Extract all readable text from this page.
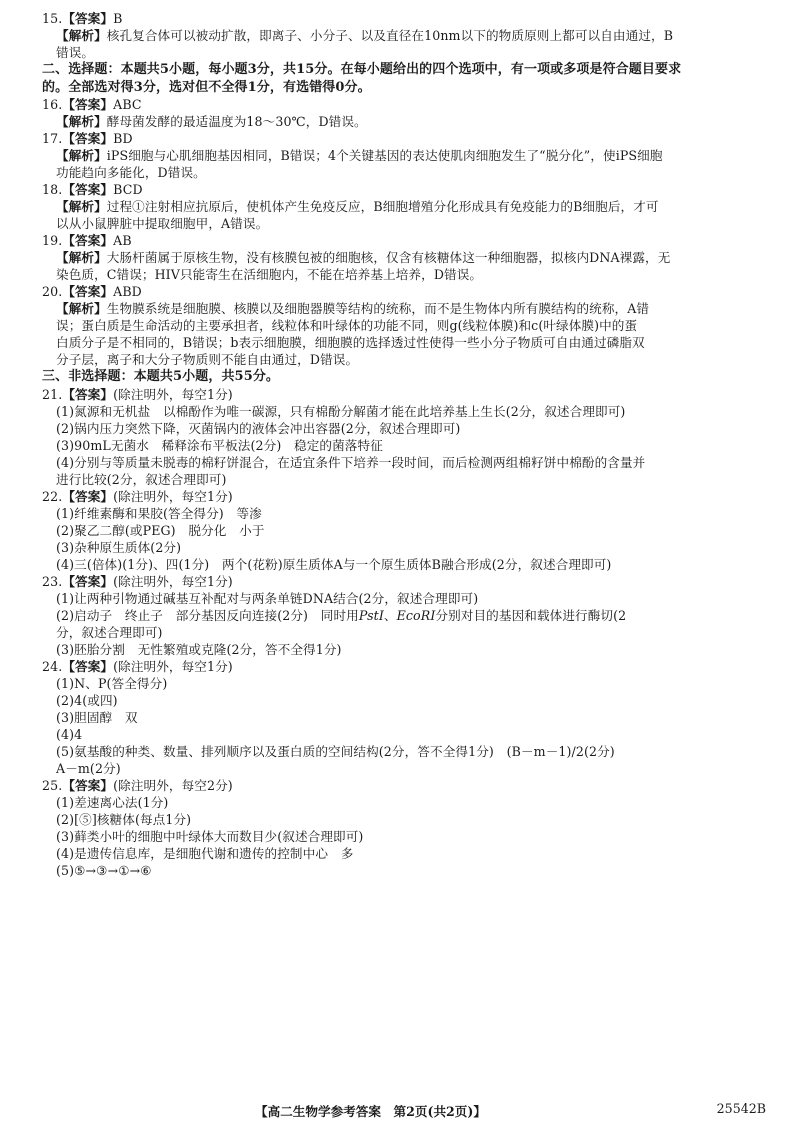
15.【答案】B
【解析】核孔复合体可以被动扩散，即离子、小分子、以及直径在10nm以下的物质原则上都可以自由通过，B
错误。
二、选择题：本题共5小题，每小题3分，共15分。在每小题给出的四个选项中，有一项或多项是符合题目要求
的。全部选对得3分，选对但不全得1分，有选错得0分。
16.【答案】ABC
【解析】酵母菌发酵的最适温度为18～30℃，D错误。
17.【答案】BD
【解析】iPS细胞与心肌细胞基因相同，B错误；4个关键基因的表达使肌肉细胞发生了“脱分化”，使iPS细胞
功能趋向多能化，D错误。
18.【答案】BCD
【解析】过程①注射相应抗原后，使机体产生免疫反应，B细胞增殖分化形成具有免疫能力的B细胞后，才可
以从小鼠脾脏中提取细胞甲，A错误。
19.【答案】AB
【解析】大肠杆菌属于原核生物，没有核膜包被的细胞核，仅含有核糖体这一种细胞器，拟核内DNA裸露，无
染色质，C错误；HIV只能寄生在活细胞内，不能在培养基上培养，D错误。
20.【答案】ABD
【解析】生物膜系统是细胞膜、核膜以及细胞器膜等结构的统称，而不是生物体内所有膜结构的统称，A错
误；蛋白质是生命活动的主要承担者，线粒体和叶绿体的功能不同，则g(线粒体膜)和c(叶绿体膜)中的蛋
白质分子是不相同的，B错误；b表示细胞膜，细胞膜的选择透过性使得一些小分子物质可自由通过磷脂双
分子层，离子和大分子物质则不能自由通过，D错误。
三、非选择题：本题共5小题，共55分。
21.【答案】(除注明外，每空1分)
(1)氮源和无机盐　以棉酚作为唯一碳源，只有棉酚分解菌才能在此培养基上生长(2分，叙述合理即可)
(2)锅内压力突然下降，灭菌锅内的液体会冲出容器(2分，叙述合理即可)
(3)90mL无菌水　稀释涂布平板法(2分)　稳定的菌落特征
(4)分别与等质量未脱毒的棉籽饼混合，在适宜条件下培养一段时间，而后检测两组棉籽饼中棉酚的含量并
进行比较(2分，叙述合理即可)
22.【答案】(除注明外，每空1分)
(1)纤维素酶和果胶(答全得分)　等渗
(2)聚乙二醇(或PEG)　脱分化　小于
(3)杂种原生质体(2分)
(4)三(倍体)(1分)、四(1分)　两个(花粉)原生质体A与一个原生质体B融合形成(2分，叙述合理即可)
23.【答案】(除注明外，每空1分)
(1)让两种引物通过碱基互补配对与两条单链DNA结合(2分，叙述合理即可)
(2)启动子　终止子　部分基因反向连接(2分)　同时用PstⅠ、EcoRⅠ分别对目的基因和载体进行酶切(2
分，叙述合理即可)
(3)胚胎分割　无性繁殖或克隆(2分，答不全得1分)
24.【答案】(除注明外，每空1分)
(1)N、P(答全得分)
(2)4(或四)
(3)胆固醇　双
(4)4
(5)氨基酸的种类、数量、排列顺序以及蛋白质的空间结构(2分，答不全得1分)　(B－m－1)/2(2分)
A－m(2分)
25.【答案】(除注明外，每空2分)
(1)差速离心法(1分)
(2)[⑤]核糖体(每点1分)
(3)藓类小叶的细胞中叶绿体大而数目少(叙述合理即可)
(4)是遗传信息库，是细胞代谢和遗传的控制中心　多
(5)⑤→③→①→⑥
【高二生物学参考答案　第2页(共2页)】	25542B
